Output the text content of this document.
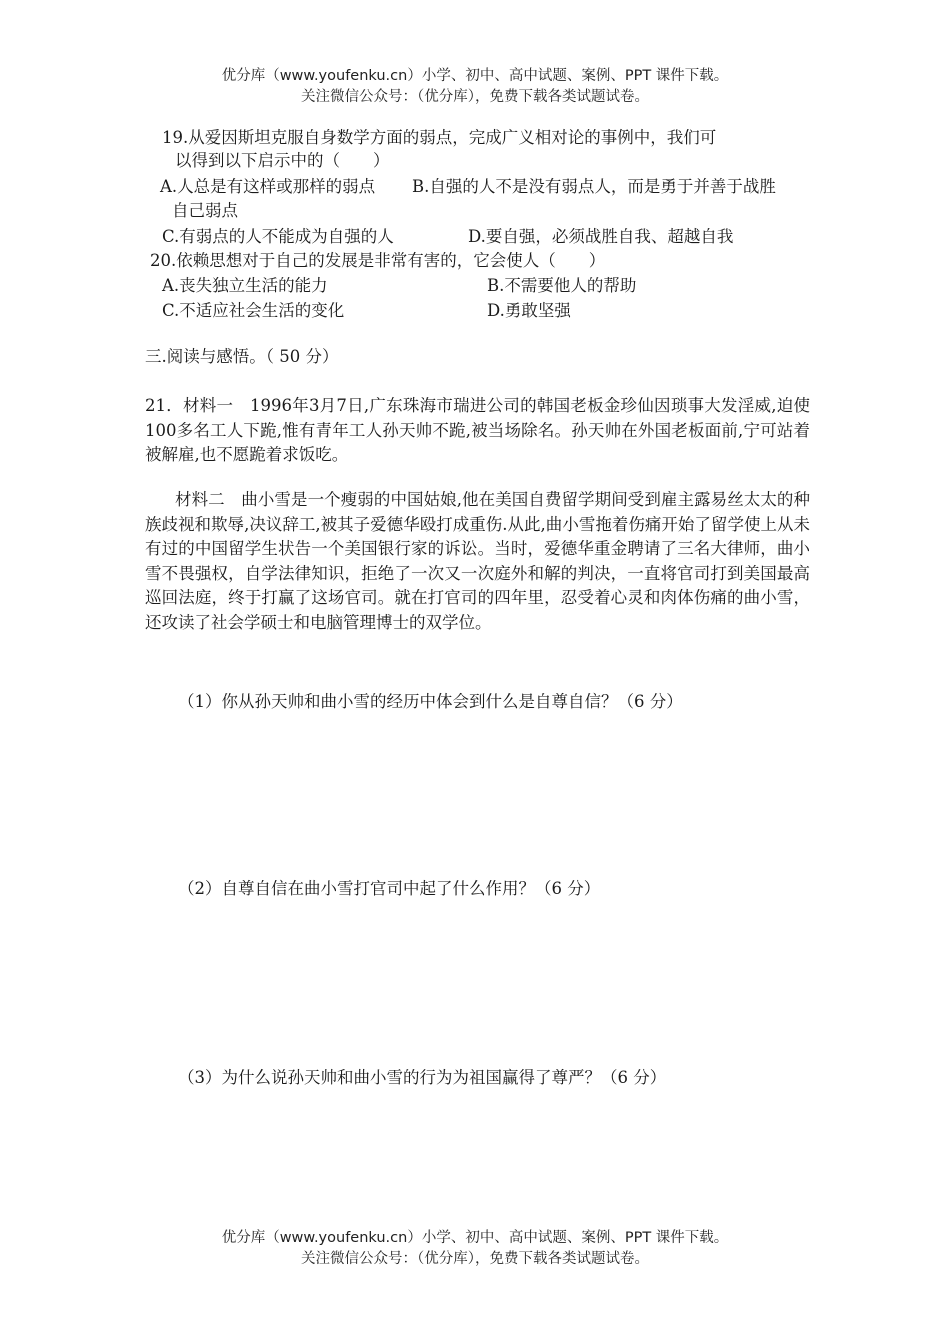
优分库（www.youfenku.cn）小学、初中、高中试题、案例、PPT 课件下载。
关注微信公众号：（优分库），免费下载各类试题试卷。
19.从爱因斯坦克服自身数学方面的弱点，完成广义相对论的事例中，我们可
以得到以下启示中的（　　）
A.人总是有这样或那样的弱点 B.自强的人不是没有弱点人，而是勇于并善于战胜
自己弱点
C.有弱点的人不能成为自强的人	D.要自强，必须战胜自我、超越自我
20.依赖思想对于自己的发展是非常有害的，它会使人（　　）
A.丧失独立生活的能力	B.不需要他人的帮助
C.不适应社会生活的变化	D.勇敢坚强
三.阅读与感悟。（ 50 分）
21．材料一　1996年3月7日,广东珠海市瑞进公司的韩国老板金珍仙因琐事大发淫威,迫使100多名工人下跪,惟有青年工人孙天帅不跪,被当场除名。孙天帅在外国老板面前,宁可站着被解雇,也不愿跪着求饭吃。
材料二　曲小雪是一个瘦弱的中国姑娘,他在美国自费留学期间受到雇主露易丝太太的种族歧视和欺辱,决议辞工,被其子爱德华殴打成重伤.从此,曲小雪拖着伤痛开始了留学使上从未有过的中国留学生状告一个美国银行家的诉讼。当时，爱德华重金聘请了三名大律师，曲小雪不畏强权，自学法律知识，拒绝了一次又一次庭外和解的判决，一直将官司打到美国最高巡回法庭，终于打赢了这场官司。就在打官司的四年里，忍受着心灵和肉体伤痛的曲小雪，还攻读了社会学硕士和电脑管理博士的双学位。
（1）你从孙天帅和曲小雪的经历中体会到什么是自尊自信？（6 分）
（2）自尊自信在曲小雪打官司中起了什么作用？（6 分）
（3）为什么说孙天帅和曲小雪的行为为祖国赢得了尊严？（6 分）
优分库（www.youfenku.cn）小学、初中、高中试题、案例、PPT 课件下载。
关注微信公众号：（优分库），免费下载各类试题试卷。
